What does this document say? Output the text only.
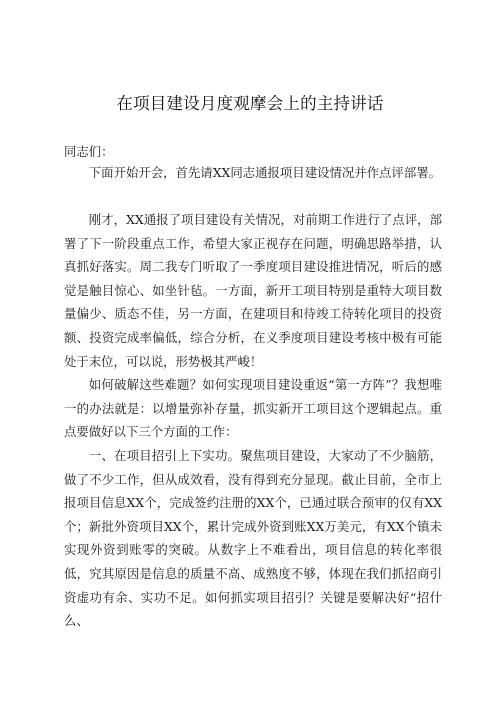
在项目建设月度观摩会上的主持讲话
同志们：

下面开始开会，首先请XX同志通报项目建设情况并作点评部署。

刚才，XX通报了项目建设有关情况，对前期工作进行了点评，部署了下一阶段重点工作，希望大家正视存在问题，明确思路举措，认真抓好落实。周二我专门听取了一季度项目建设推进情况，听后的感觉是触目惊心、如坐针毡。一方面，新开工项目特别是重特大项目数量偏少、质态不佳，另一方面，在建项目和待竣工待转化项目的投资额、投资完成率偏低，综合分析，在义季度项目建设考核中极有可能处于末位，可以说，形势极其严峻！

如何破解这些难题？如何实现项目建设重返“第一方阵”？我想唯一的办法就是：以增量弥补存量，抓实新开工项目这个逻辑起点。重点要做好以下三个方面的工作：

一、在项目招引上下实功。聚焦项目建设，大家动了不少脑筋，做了不少工作，但从成效看，没有得到充分显现。截止目前，全市上报项目信息XX个，完成签约注册的XX个，已通过联合预审的仅有XX个；新批外资项目XX个，累计完成外资到账XX万美元，有XX个镇未实现外资到账零的突破。从数字上不难看出，项目信息的转化率很低，究其原因是信息的质量不高、成熟度不够，体现在我们抓招商引资虚功有余、实功不足。如何抓实项目招引？关键是要解决好“招什么、
